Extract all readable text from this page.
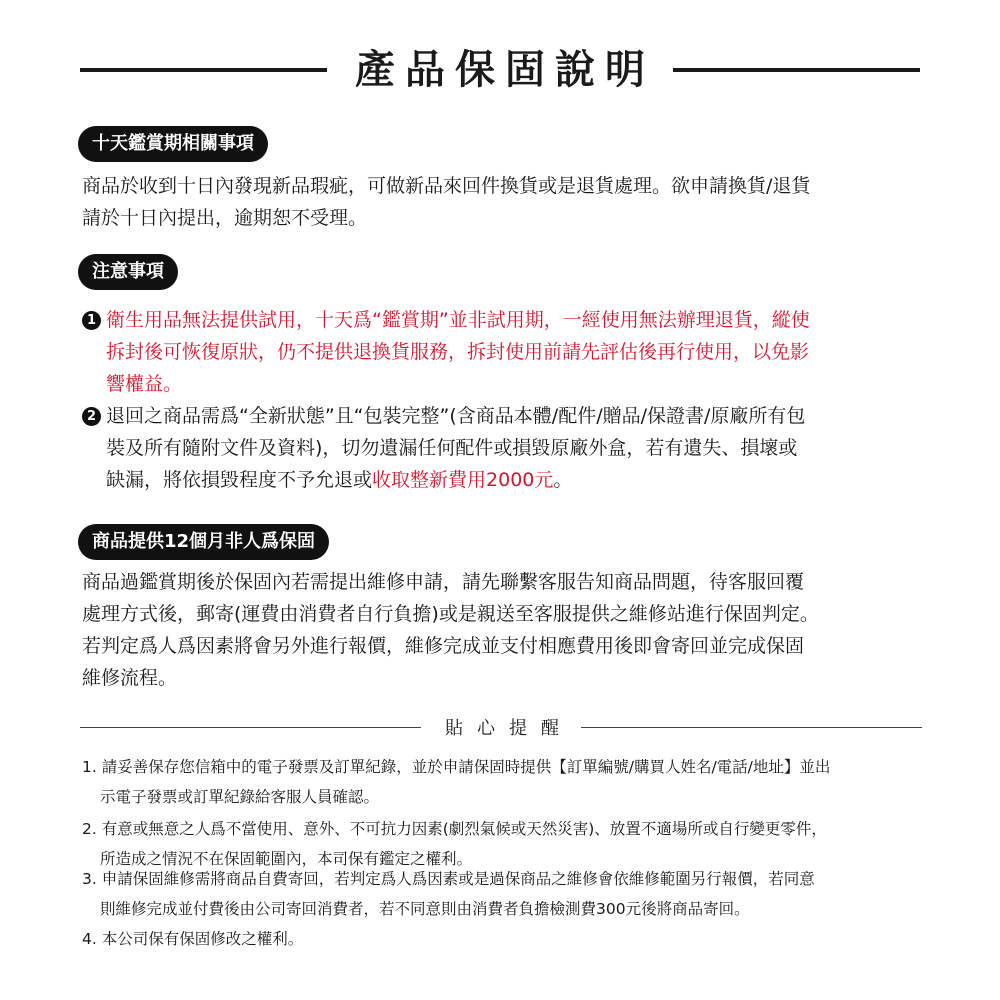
產品保固說明
十天鑑賞期相關事項
商品於收到十日內發現新品瑕疵，可做新品來回件換貨或是退貨處理。欲申請換貨/退貨
請於十日內提出，逾期恕不受理。
注意事項
1 衛生用品無法提供試用，十天爲“鑑賞期”並非試用期，一經使用無法辦理退貨，縱使
拆封後可恢復原狀，仍不提供退換貨服務，拆封使用前請先評估後再行使用，以免影
響權益。
2 退回之商品需爲“全新狀態”且“包裝完整”(含商品本體/配件/贈品/保證書/原廠所有包
裝及所有隨附文件及資料)，切勿遺漏任何配件或損毀原廠外盒，若有遺失、損壞或
缺漏，將依損毀程度不予允退或收取整新費用2000元。
商品提供12個月非人爲保固
商品過鑑賞期後於保固內若需提出維修申請，請先聯繫客服告知商品問題，待客服回覆
處理方式後，郵寄(運費由消費者自行負擔)或是親送至客服提供之維修站進行保固判定。
若判定爲人爲因素將會另外進行報價，維修完成並支付相應費用後即會寄回並完成保固
維修流程。
貼心提醒
1. 請妥善保存您信箱中的電子發票及訂單紀錄，並於申請保固時提供【訂單編號/購買人姓名/電話/地址】並出
示電子發票或訂單紀錄給客服人員確認。
2. 有意或無意之人爲不當使用、意外、不可抗力因素(劇烈氣候或天然災害)、放置不適場所或自行變更零件，
所造成之情況不在保固範圍內，本司保有鑑定之權利。
3. 申請保固維修需將商品自費寄回，若判定爲人爲因素或是過保商品之維修會依維修範圍另行報價，若同意
則維修完成並付費後由公司寄回消費者，若不同意則由消費者負擔檢測費300元後將商品寄回。
4. 本公司保有保固修改之權利。
